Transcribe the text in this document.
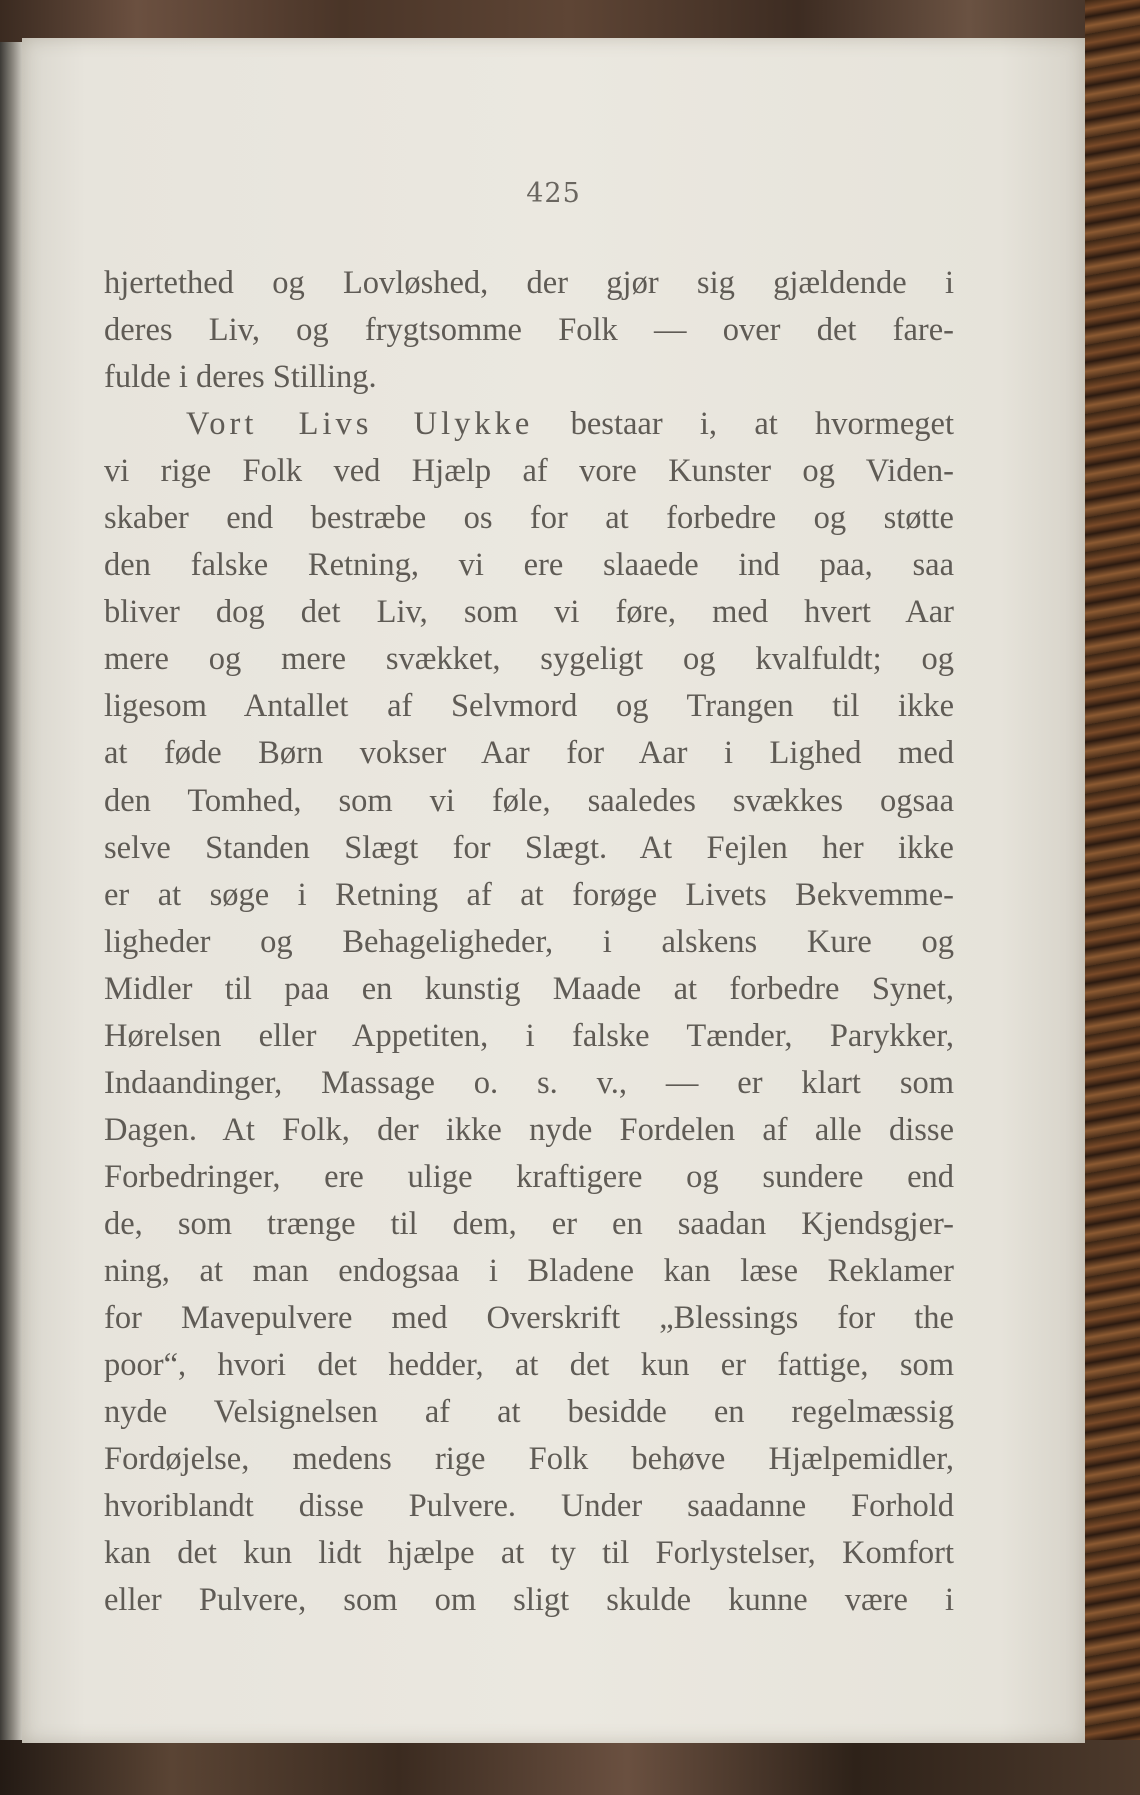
425
hjertethed og Lovløshed, der gjør sig gjældende i
deres Liv, og frygtsomme Folk — over det fare-
fulde i deres Stilling.
Vort Livs Ulykke bestaar i, at hvormeget
vi rige Folk ved Hjælp af vore Kunster og Viden-
skaber end bestræbe os for at forbedre og støtte
den falske Retning, vi ere slaaede ind paa, saa
bliver dog det Liv, som vi føre, med hvert Aar
mere og mere svækket, sygeligt og kvalfuldt; og
ligesom Antallet af Selvmord og Trangen til ikke
at føde Børn vokser Aar for Aar i Lighed med
den Tomhed, som vi føle, saaledes svækkes ogsaa
selve Standen Slægt for Slægt. At Fejlen her ikke
er at søge i Retning af at forøge Livets Bekvemme-
ligheder og Behageligheder, i alskens Kure og
Midler til paa en kunstig Maade at forbedre Synet,
Hørelsen eller Appetiten, i falske Tænder, Parykker,
Indaandinger, Massage o. s. v., — er klart som
Dagen. At Folk, der ikke nyde Fordelen af alle disse
Forbedringer, ere ulige kraftigere og sundere end
de, som trænge til dem, er en saadan Kjendsgjer-
ning, at man endogsaa i Bladene kan læse Reklamer
for Mavepulvere med Overskrift „Blessings for the
poor“, hvori det hedder, at det kun er fattige, som
nyde Velsignelsen af at besidde en regelmæssig
Fordøjelse, medens rige Folk behøve Hjælpemidler,
hvoriblandt disse Pulvere. Under saadanne Forhold
kan det kun lidt hjælpe at ty til Forlystelser, Komfort
eller Pulvere, som om sligt skulde kunne være i
